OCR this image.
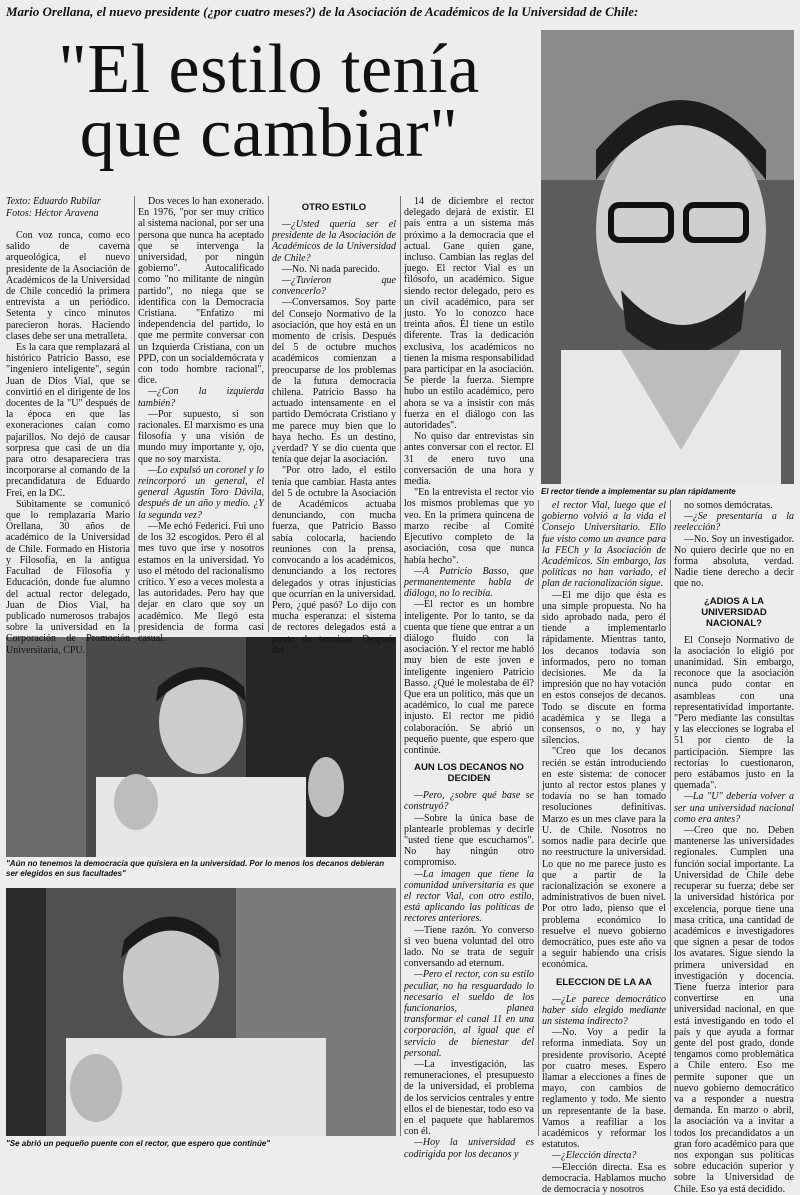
Mario Orellana, el nuevo presidente (¿por cuatro meses?) de la Asociación de Académicos de la Universidad de Chile:
"El estilo tenía
que cambiar"
El rector tiende a implementar su plan rápidamente
"Aún no tenemos la democracia que quisiera en la universidad. Por lo menos los decanos debieran ser elegidos en sus facultades"
"Se abrió un pequeño puente con el rector, que espero que continúe"

Texto: Eduardo Rubilar
Fotos: Héctor Aravena

Con voz ronca, como eco salido de caverna arqueológica, el nuevo presidente de la Asociación de Académicos de la Universidad de Chile concedió la primera entrevista a un periódico. Setenta y cinco minutos parecieron horas. Haciendo clases debe ser una metralleta.

Es la cara que remplazará al histórico Patricio Basso, ese "ingeniero inteligente", según Juan de Dios Vial, que se convirtió en el dirigente de los docentes de la "U" después de la época en que las exoneraciones caían como pajarillos. No dejó de causar sorpresa que casi de un día para otro desapareciera tras incorporarse al comando de la precandidatura de Eduardo Frei, en la DC.

Súbitamente se comunicó que lo remplazaría Mario Orellana, 30 años de académico de la Universidad de Chile. Formado en Historia y Filosofía, en la antigua Facultad de Filosofía y Educación, donde fue alumno del actual rector delegado, Juan de Dios Vial, ha publicado numerosos trabajos sobre la universidad en la Corporación de Promoción Universitaria, CPU.

Dos veces lo han exonerado. En 1976, "por ser muy crítico al sistema nacional, por ser una persona que nunca ha aceptado que se intervenga la universidad, por ningún gobierno". Autocalificado como "no militante de ningún partido", no niega que se identifica con la Democracia Cristiana. "Enfatizo mi independencia del partido, lo que me permite conversar con un Izquierda Cristiana, con un PPD, con un socialdemócrata y con todo hombre racional", dice.

—¿Con la izquierda también?

—Por supuesto, si son racionales. El marxismo es una filosofía y una visión de mundo muy importante y, ojo, que no soy marxista.

—Lo expulsó un coronel y lo reincorporó un general, el general Agustín Toro Dávila, después de un año y medio. ¿Y la segunda vez?

—Me echó Federici. Fui uno de los 32 escogidos. Pero él al mes tuvo que irse y nosotros estamos en la universidad. Yo uso el método del racionalismo crítico. Y eso a veces molesta a las autoridades. Pero hay que dejar en claro que soy un académico. Me llegó esta presidencia de forma casi casual.

OTRO ESTILO

—¿Usted quería ser el presidente de la Asociación de Académicos de la Universidad de Chile?

—No. Ni nada parecido.

—¿Tuvieron que convencerlo?

—Conversamos. Soy parte del Consejo Normativo de la asociación, que hoy está en un momento de crisis. Después del 5 de octubre muchos académicos comienzan a preocuparse de los problemas de la futura democracia chilena. Patricio Basso ha actuado intensamente en el partido Demócrata Cristiano y me parece muy bien que lo haya hecho. Es un destino, ¿verdad? Y se dio cuenta que tenía que dejar la asociación.

"Por otro lado, el estilo tenía que cambiar. Hasta antes del 5 de octubre la Asociación de Académicos actuaba denunciando, con mucha fuerza, que Patricio Basso sabía colocarla, haciendo reuniones con la prensa, convocando a los académicos, denunciando a los rectores delegados y otras injusticias que ocurrían en la universidad. Pero, ¿qué pasó? Lo dijo con mucha esperanza: el sistema de rectores delegados está a punto de terminar. Después del

14 de diciembre el rector delegado dejará de existir. El país entra a un sistema más próximo a la democracia que el actual. Gane quien gane, incluso. Cambian las reglas del juego. El rector Vial es un filósofo, un académico. Sigue siendo rector delegado, pero es un civil académico, para ser justo. Yo lo conozco hace treinta años. Él tiene un estilo diferente. Tras la dedicación exclusiva, los académicos no tienen la misma responsabilidad para participar en la asociación. Se pierde la fuerza. Siempre hubo un estilo académico, pero ahora se va a insistir con más fuerza en el diálogo con las autoridades".

No quiso dar entrevistas sin antes conversar con el rector. El 31 de enero tuvo una conversación de una hora y media.

"En la entrevista el rector vio los mismos problemas que yo veo. En la primera quincena de marzo recibe al Comité Ejecutivo completo de la asociación, cosa que nunca había hecho".

—A Patricio Basso, que permanentemente habla de diálogo, no lo recibía.

—El rector es un hombre inteligente. Por lo tanto, se da cuenta que tiene que entrar a un diálogo fluido con la asociación. Y el rector me habló muy bien de este joven e inteligente ingeniero Patricio Basso. ¿Qué le molestaba de él? Que era un político, más que un académico, lo cual me parece injusto. El rector me pidió colaboración. Se abrió un pequeño puente, que espero que continúe.

AUN LOS DECANOS NO DECIDEN

—Pero, ¿sobre qué base se construyó?

—Sobre la única base de plantearle problemas y decirle "usted tiene que escucharnos". No hay ningún otro compromiso.

—La imagen que tiene la comunidad universitaria es que el rector Vial, con otro estilo, está aplicando las políticas de rectores anteriores.

—Tiene razón. Yo converso si veo buena voluntad del otro lado. No se trata de seguir conversando ad eternum.

—Pero el rector, con su estilo peculiar, no ha resguardado lo necesario el sueldo de los funcionarios, planea transformar el canal 11 en una corporación, al igual que el servicio de bienestar del personal.

—La investigación, las remuneraciones, el presupuesto de la universidad, el problema de los servicios centrales y entre ellos el de bienestar, todo eso va en el paquete que hablaremos con él.

—Hoy la universidad es codirigida por los decanos y

el rector Vial, luego que el gobierno volvió a la vida el Consejo Universitario. Ello fue visto como un avance para la FECh y la Asociación de Académicos. Sin embargo, las políticas no han variado, el plan de racionalización sigue.

—El me dijo que ésta es una simple propuesta. No ha sido aprobado nada, pero él tiende a implementarlo rápidamente. Mientras tanto, los decanos todavía son informados, pero no toman decisiones. Me da la impresión que no hay votación en estos consejos de decanos. Todo se discute en forma académica y se llega a consensos, o no, y hay silencios.

"Creo que los decanos recién se están introduciendo en este sistema: de conocer junto al rector estos planes y todavía no se han tomado resoluciones definitivas. Marzo es un mes clave para la U. de Chile. Nosotros no somos nadie para decirle que no reestructure la universidad. Lo que no me parece justo es que a partir de la racionalización se exonere a administrativos de buen nivel. Por otro lado, pienso que el problema económico lo resuelve el nuevo gobierno democrático, pues este año va a seguir habiendo una crisis económica.

ELECCION DE LA AA

—¿Le parece democrático haber sido elegido mediante un sistema indirecto?

—No. Voy a pedir la reforma inmediata. Soy un presidente provisorio. Acepté por cuatro meses. Espero llamar a elecciones a fines de mayo, con cambios de reglamento y todo. Me siento un representante de la base. Vamos a reafiliar a los académicos y reformar los estatutos.

—¿Elección directa?

—Elección directa. Esa es democracia. Hablamos mucho de democracia y nosotros

no somos demócratas.

—¿Se presentaría a la reelección?

—No. Soy un investigador. No quiero decirle que no en forma absoluta, verdad. Nadie tiene derecho a decir que no.

¿ADIOS A LA UNIVERSIDAD NACIONAL?

El Consejo Normativo de la asociación lo eligió por unanimidad. Sin embargo, reconoce que la asociación nunca pudo contar en asambleas con una representatividad importante. "Pero mediante las consultas y las elecciones se lograba el 51 por ciento de la participación. Siempre las rectorías lo cuestionaron, pero estábamos justo en la quemada".

—La "U" debería volver a ser una universidad nacional como era antes?

—Creo que no. Deben mantenerse las universidades regionales. Cumplen una función social importante. La Universidad de Chile debe recuperar su fuerza; debe ser la universidad histórica por excelencia, porque tiene una masa crítica, una cantidad de académicos e investigadores que signen a pesar de todos los avatares. Sigue siendo la primera universidad en investigación y docencia. Tiene fuerza interior para convertirse en una universidad nacional, en que está investigando en todo el país y que ayuda a formar gente del post grado, donde tengamos como problemática a Chile entero. Eso me permite suponer que un nuevo gobierno democrático va a responder a nuestra demanda. En marzo o abril, la asociación va a invitar a todos los precandidatos a un gran foro académico para que nos expongan sus políticas sobre educación superior y sobre la Universidad de Chile. Eso ya está decidido.
